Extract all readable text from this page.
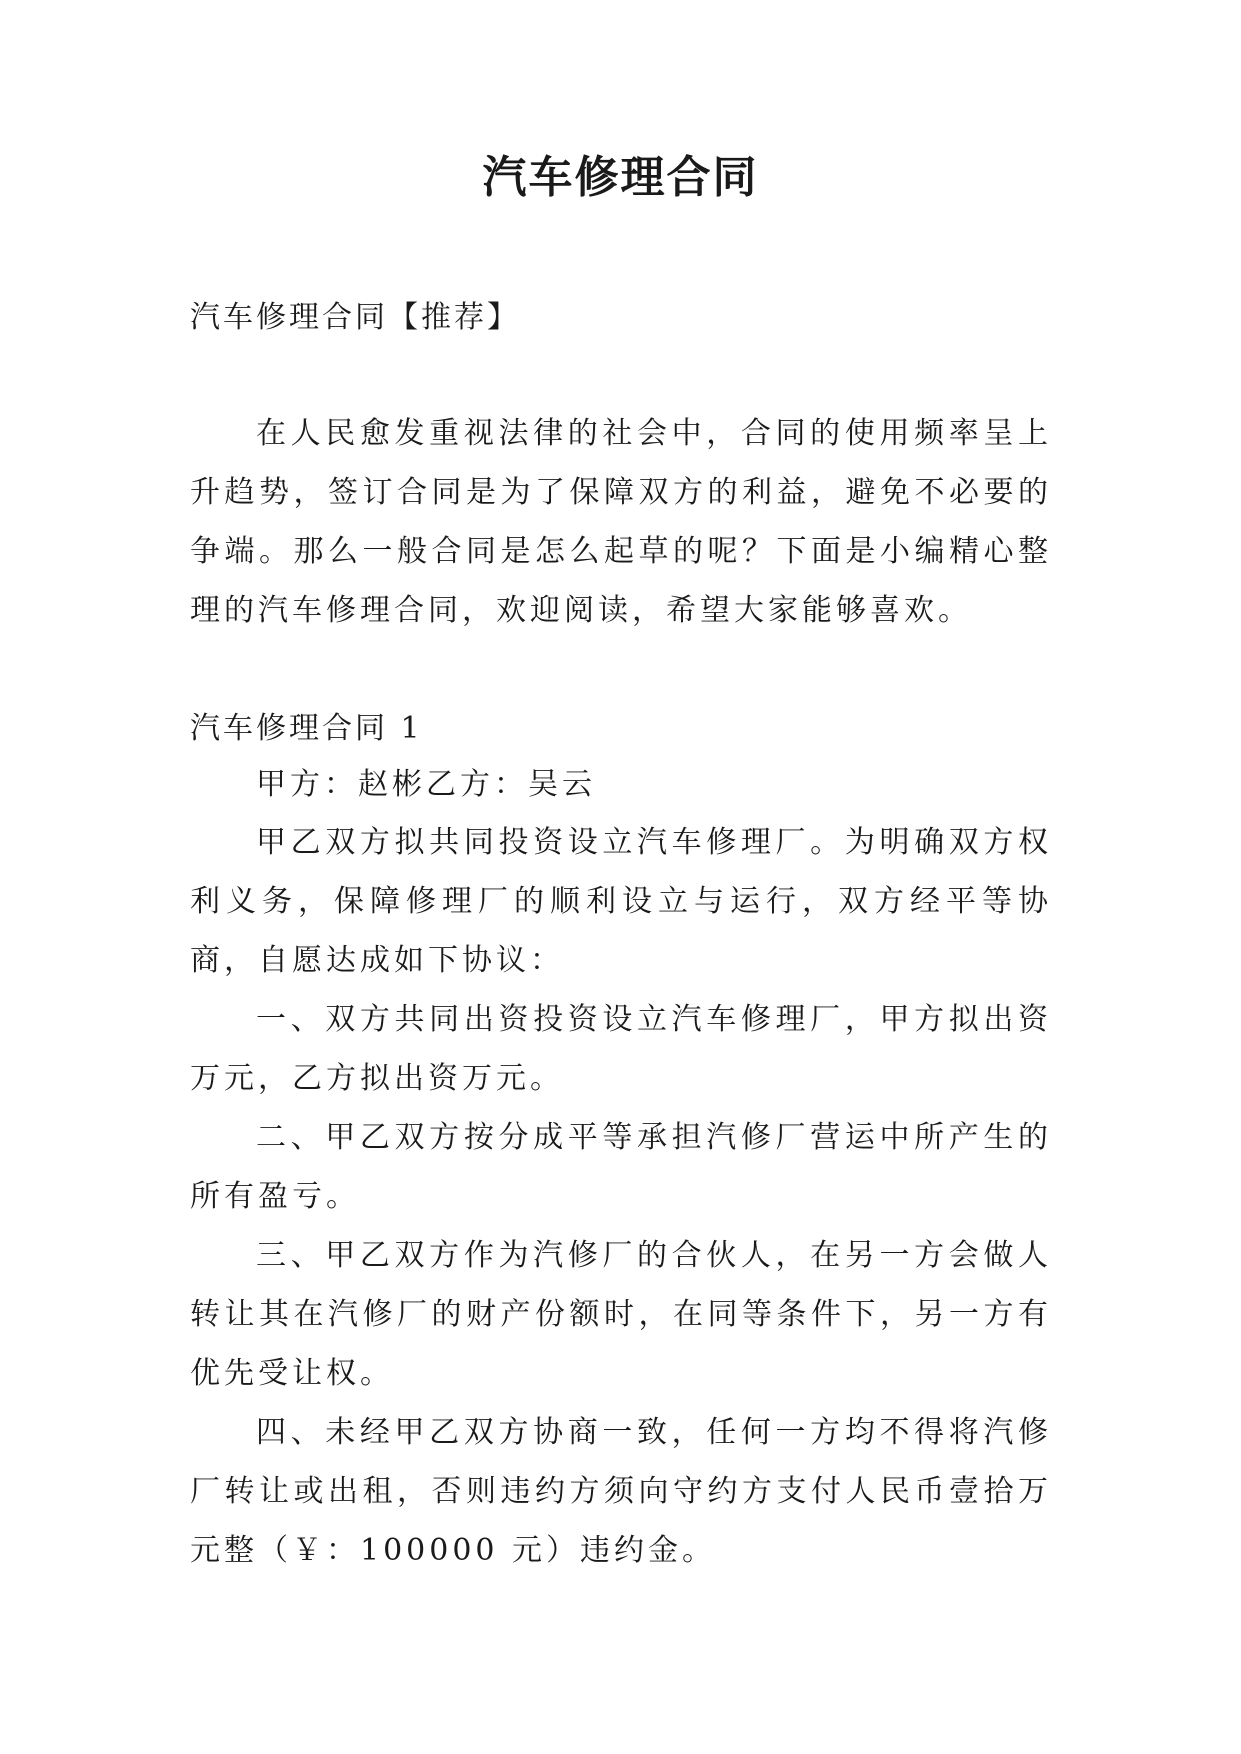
汽车修理合同
汽车修理合同【推荐】
在人民愈发重视法律的社会中，合同的使用频率呈上升趋势，签订合同是为了保障双方的利益，避免不必要的争端。那么一般合同是怎么起草的呢？下面是小编精心整理的汽车修理合同，欢迎阅读，希望大家能够喜欢。
汽车修理合同 1
甲方：赵彬乙方：吴云
甲乙双方拟共同投资设立汽车修理厂。为明确双方权利义务，保障修理厂的顺利设立与运行，双方经平等协商，自愿达成如下协议：
一、双方共同出资投资设立汽车修理厂，甲方拟出资万元，乙方拟出资万元。
二、甲乙双方按分成平等承担汽修厂营运中所产生的所有盈亏。
三、甲乙双方作为汽修厂的合伙人，在另一方会做人转让其在汽修厂的财产份额时，在同等条件下，另一方有优先受让权。
四、未经甲乙双方协商一致，任何一方均不得将汽修厂转让或出租，否则违约方须向守约方支付人民币壹拾万元整（￥：100000 元）违约金。
